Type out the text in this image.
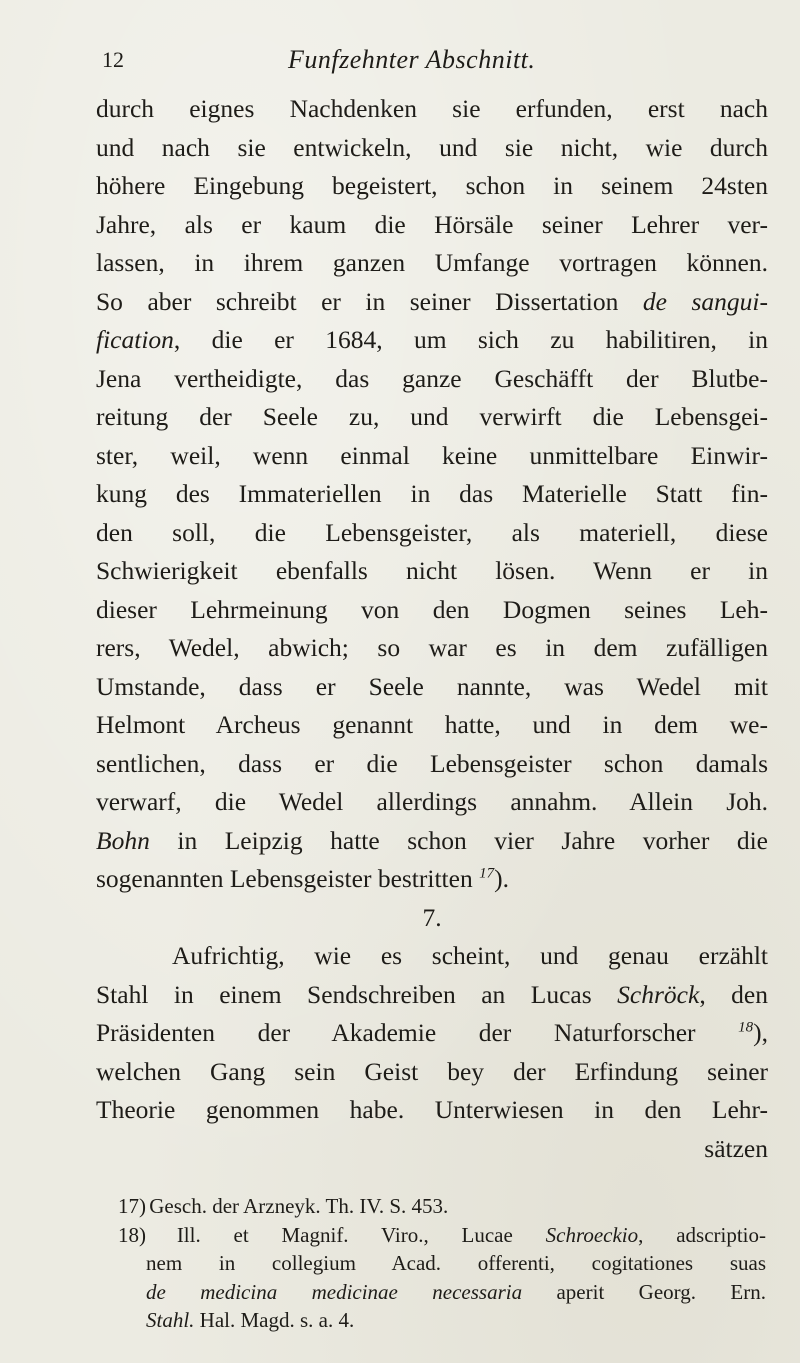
12	Funfzehnter Abschnitt.
durch eignes Nachdenken sie erfunden, erst nach
und nach sie entwickeln, und sie nicht, wie durch
höhere Eingebung begeistert, schon in seinem 24sten
Jahre, als er kaum die Hörsäle seiner Lehrer ver-
lassen, in ihrem ganzen Umfange vortragen können.
So aber schreibt er in seiner Dissertation de sangui-
fication, die er 1684, um sich zu habilitiren, in
Jena vertheidigte, das ganze Geschäfft der Blutbe-
reitung der Seele zu, und verwirft die Lebensgei-
ster, weil, wenn einmal keine unmittelbare Einwir-
kung des Immateriellen in das Materielle Statt fin-
den soll, die Lebensgeister, als materiell, diese
Schwierigkeit ebenfalls nicht lösen. Wenn er in
dieser Lehrmeinung von den Dogmen seines Leh-
rers, Wedel, abwich; so war es in dem zufälligen
Umstande, dass er Seele nannte, was Wedel mit
Helmont Archeus genannt hatte, und in dem we-
sentlichen, dass er die Lebensgeister schon damals
verwarf, die Wedel allerdings annahm. Allein Joh.
Bohn in Leipzig hatte schon vier Jahre vorher die
sogenannten Lebensgeister bestritten $^{17}$).
7.
Aufrichtig, wie es scheint, und genau erzählt
Stahl in einem Sendschreiben an Lucas Schröck, den
Präsidenten der Akademie der Naturforscher	$^{18}$),
welchen Gang sein Geist bey der Erfindung seiner
Theorie genommen habe. Unterwiesen in den Lehr-
sätzen
17) Gesch. der Arzneyk. Th. IV. S. 453.
18) Ill. et Magnif. Viro., Lucae Schroeckio, adscriptio-
nem in collegium Acad. offerenti, cogitationes suas
de medicina medicinae necessaria aperit Georg. Ern.
Stahl. Hal. Magd. s. a. 4.
